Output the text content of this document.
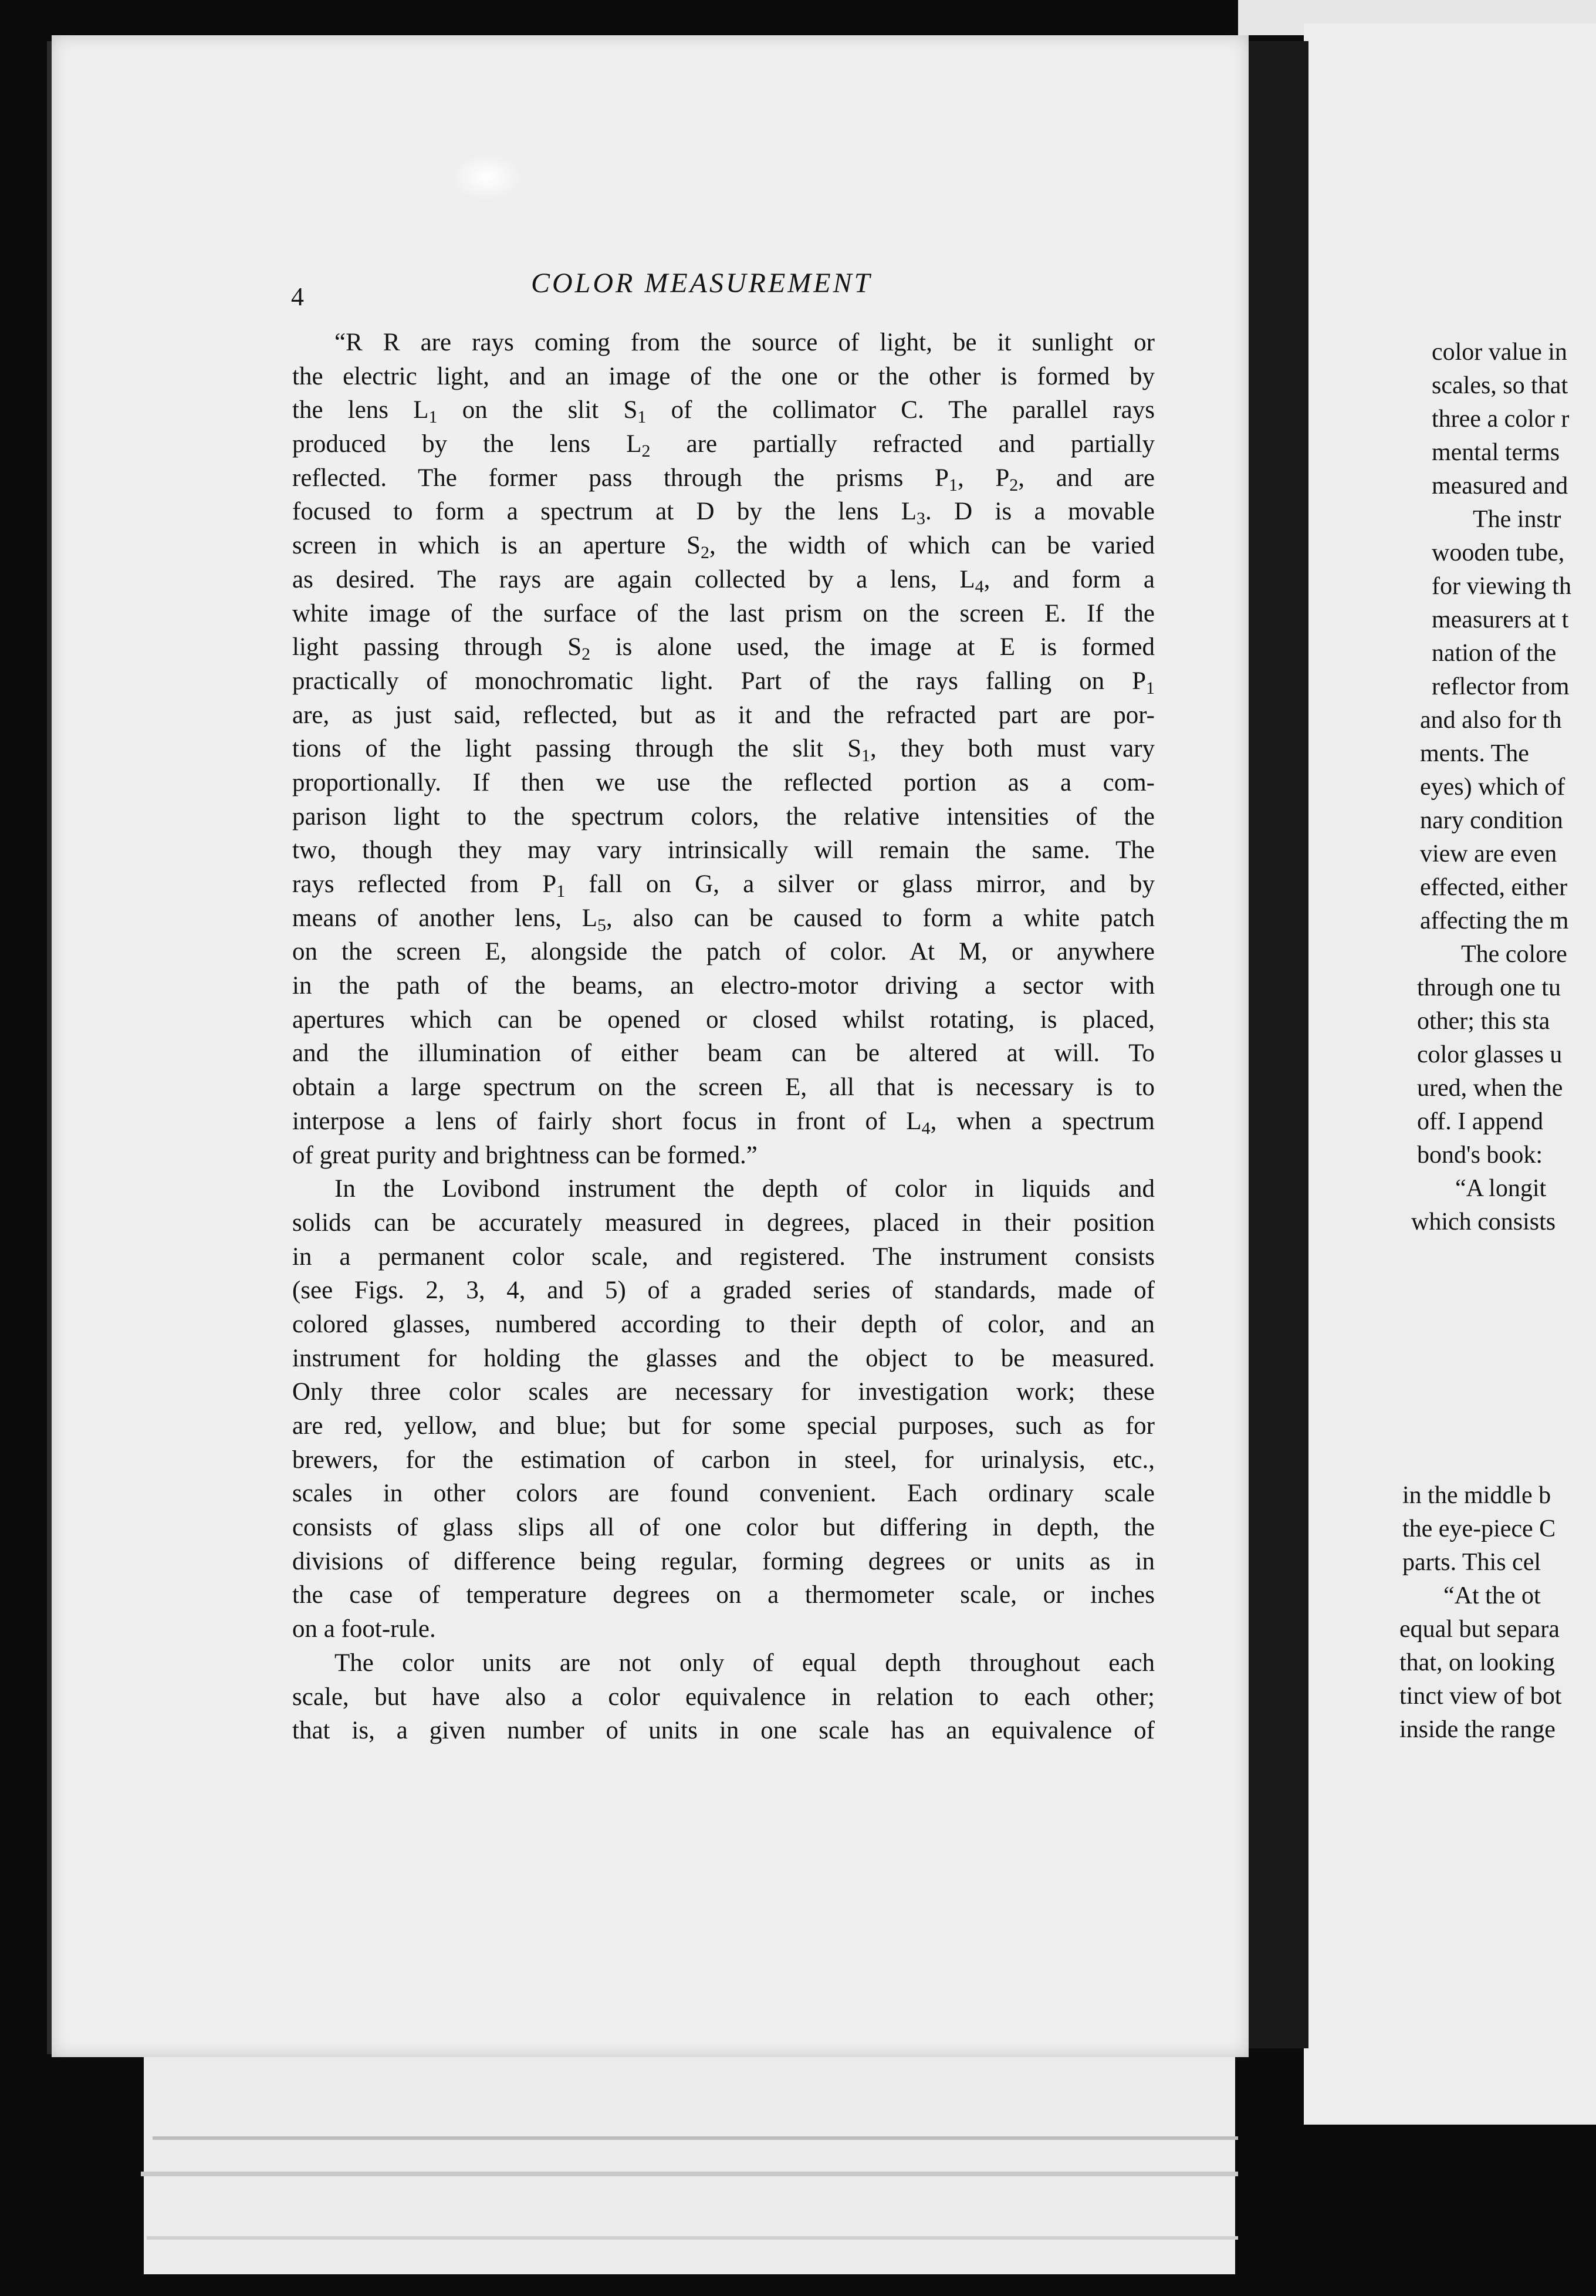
color value in
scales, so that
three a color r
mental terms
measured and
The instr
wooden tube,
for viewing th
measurers at t
nation of the
reflector from
and also for th
ments. The
eyes) which of
nary condition
view are even
effected, either
affecting the m
The colore
through one tu
other; this sta
color glasses u
ured, when the
off. I append
bond's book:
“A longit
which consists
in the middle b
the eye-piece C
parts. This cel
“At the ot
equal but separa
that, on looking
tinct view of bot
inside the range
4	COLOR MEASUREMENT
“R R are rays coming from the source of light, be it sunlight or
the electric light, and an image of the one or the other is formed by
the lens $L_1$ on the slit $S_1$ of the collimator C. The parallel rays
produced by the lens $L_2$ are partially refracted and partially
reflected. The former pass through the prisms $P_1$, $P_2$, and are
focused to form a spectrum at D by the lens $L_3$. D is a movable
screen in which is an aperture $S_2$, the width of which can be varied
as desired. The rays are again collected by a lens, $L_4$, and form a
white image of the surface of the last prism on the screen E. If the
light passing through $S_2$ is alone used, the image at E is formed
practically of monochromatic light. Part of the rays falling on $P_1$
are, as just said, reflected, but as it and the refracted part are por-
tions of the light passing through the slit $S_1$, they both must vary
proportionally. If then we use the reflected portion as a com-
parison light to the spectrum colors, the relative intensities of the
two, though they may vary intrinsically will remain the same. The
rays reflected from $P_1$ fall on G, a silver or glass mirror, and by
means of another lens, $L_5$, also can be caused to form a white patch
on the screen E, alongside the patch of color. At M, or anywhere
in the path of the beams, an electro-motor driving a sector with
apertures which can be opened or closed whilst rotating, is placed,
and the illumination of either beam can be altered at will. To
obtain a large spectrum on the screen E, all that is necessary is to
interpose a lens of fairly short focus in front of $L_4$, when a spectrum
of great purity and brightness can be formed.”
In the Lovibond instrument the depth of color in liquids and
solids can be accurately measured in degrees, placed in their position
in a permanent color scale, and registered. The instrument consists
(see Figs. 2, 3, 4, and 5) of a graded series of standards, made of
colored glasses, numbered according to their depth of color, and an
instrument for holding the glasses and the object to be measured.
Only three color scales are necessary for investigation work; these
are red, yellow, and blue; but for some special purposes, such as for
brewers, for the estimation of carbon in steel, for urinalysis, etc.,
scales in other colors are found convenient. Each ordinary scale
consists of glass slips all of one color but differing in depth, the
divisions of difference being regular, forming degrees or units as in
the case of temperature degrees on a thermometer scale, or inches
on a foot-rule.
The color units are not only of equal depth throughout each
scale, but have also a color equivalence in relation to each other;
that is, a given number of units in one scale has an equivalence of
